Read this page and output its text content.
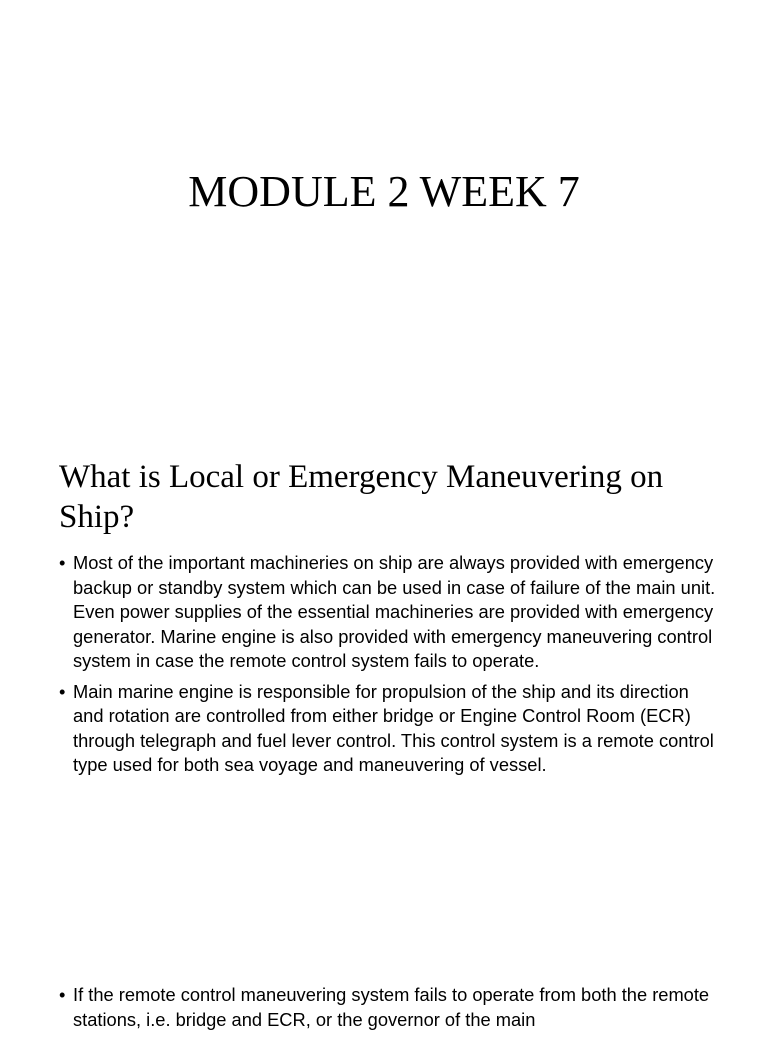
MODULE 2 WEEK 7
What is Local or Emergency Maneuvering on Ship?
• Most of the important machineries on ship are always provided with emergency backup or standby system which can be used in case of failure of the main unit. Even power supplies of the essential machineries are provided with emergency generator. Marine engine is also provided with emergency maneuvering control system in case the remote control system fails to operate.
• Main marine engine is responsible for propulsion of the ship and its direction and rotation are controlled from either bridge or Engine Control Room (ECR) through telegraph and fuel lever control. This control system is a remote control type used for both sea voyage and maneuvering of vessel.
• If the remote control maneuvering system fails to operate from both the remote stations, i.e. bridge and ECR, or the governor of the main
